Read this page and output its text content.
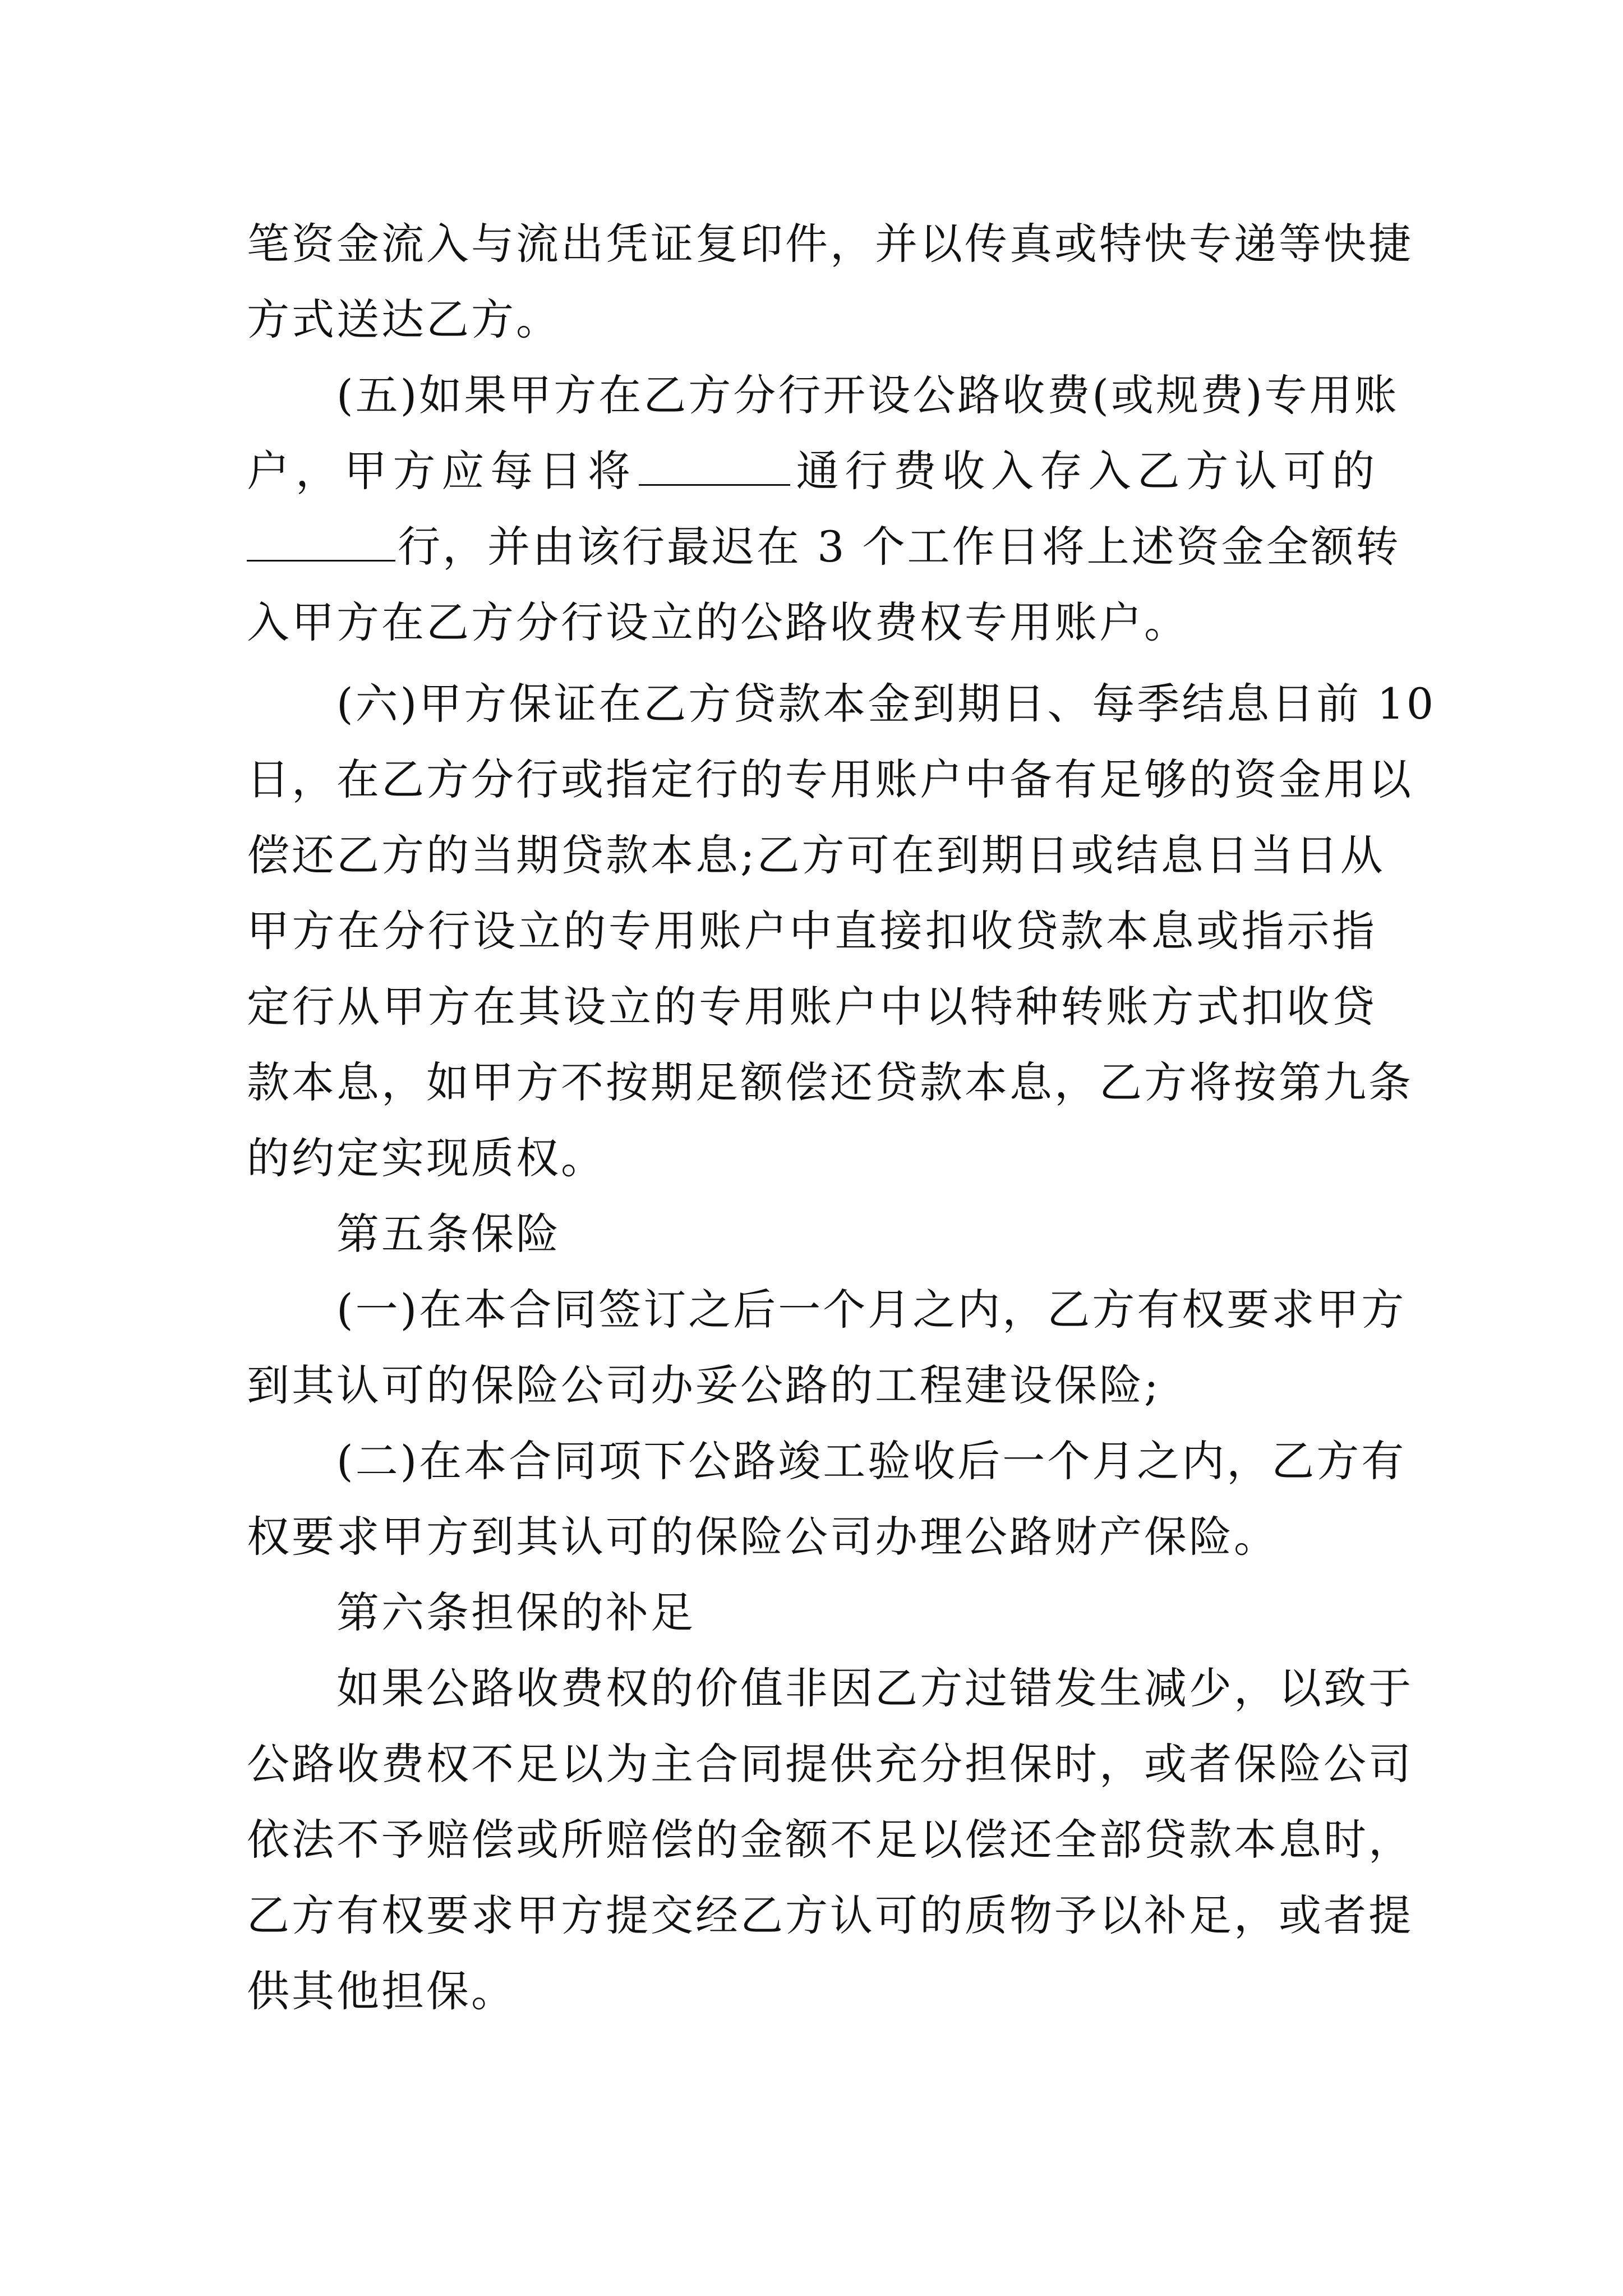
笔资金流入与流出凭证复印件，并以传真或特快专递等快捷
方式送达乙方。
(五)如果甲方在乙方分行开设公路收费(或规费)专用账
户，甲方应每日将	通行费收入存入乙方认可的
行，并由该行最迟在 3 个工作日将上述资金全额转
入甲方在乙方分行设立的公路收费权专用账户。
(六)甲方保证在乙方贷款本金到期日、每季结息日前 10
日，在乙方分行或指定行的专用账户中备有足够的资金用以
偿还乙方的当期贷款本息;乙方可在到期日或结息日当日从
甲方在分行设立的专用账户中直接扣收贷款本息或指示指
定行从甲方在其设立的专用账户中以特种转账方式扣收贷
款本息，如甲方不按期足额偿还贷款本息，乙方将按第九条
的约定实现质权。
第五条保险
(一)在本合同签订之后一个月之内，乙方有权要求甲方
到其认可的保险公司办妥公路的工程建设保险;
(二)在本合同项下公路竣工验收后一个月之内，乙方有
权要求甲方到其认可的保险公司办理公路财产保险。
第六条担保的补足
如果公路收费权的价值非因乙方过错发生减少，以致于
公路收费权不足以为主合同提供充分担保时，或者保险公司
依法不予赔偿或所赔偿的金额不足以偿还全部贷款本息时，
乙方有权要求甲方提交经乙方认可的质物予以补足，或者提
供其他担保。
